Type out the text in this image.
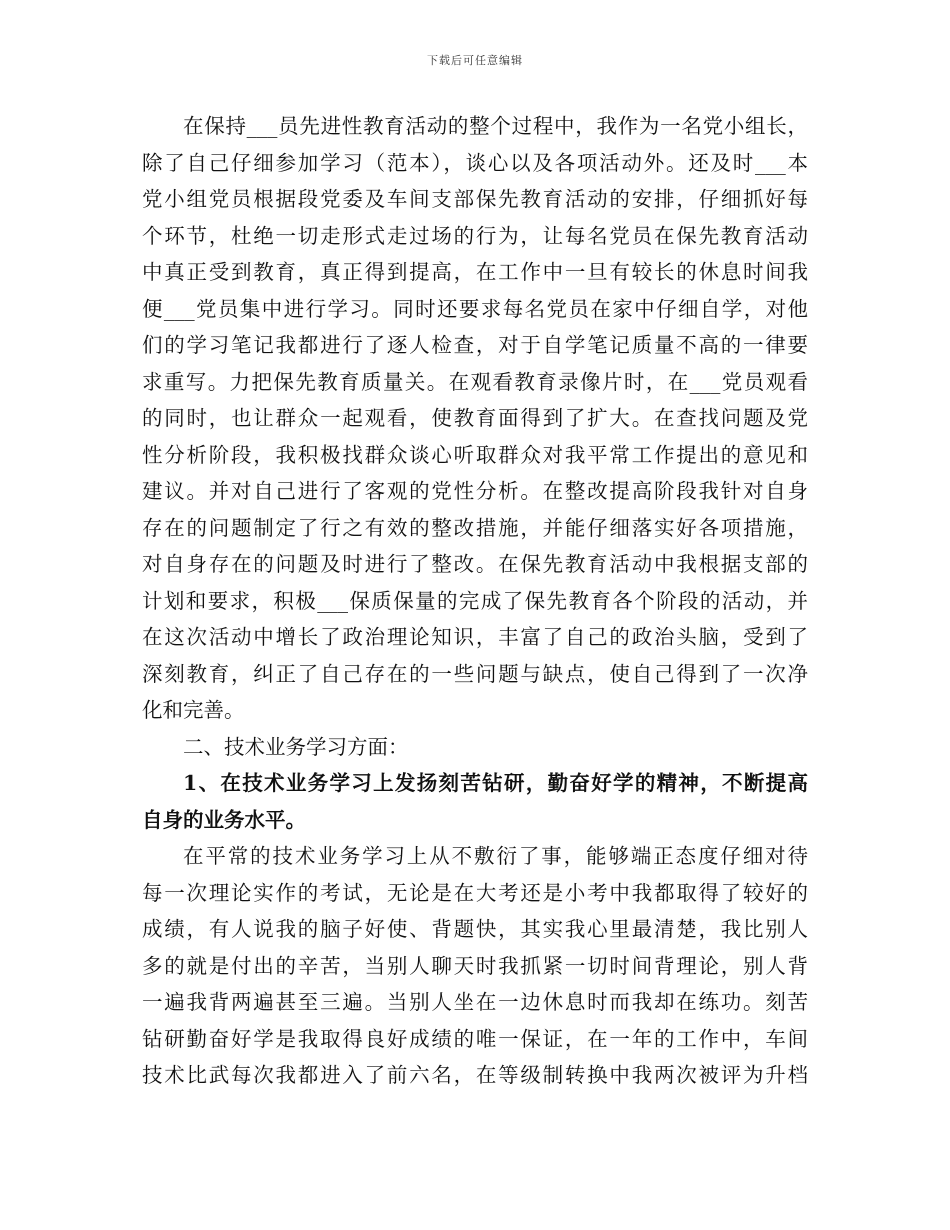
下载后可任意编辑
在保持___员先进性教育活动的整个过程中，我作为一名党小组长，
除了自己仔细参加学习（范本），谈心以及各项活动外。还及时___本
党小组党员根据段党委及车间支部保先教育活动的安排，仔细抓好每
个环节，杜绝一切走形式走过场的行为，让每名党员在保先教育活动
中真正受到教育，真正得到提高，在工作中一旦有较长的休息时间我
便___党员集中进行学习。同时还要求每名党员在家中仔细自学，对他
们的学习笔记我都进行了逐人检查，对于自学笔记质量不高的一律要
求重写。力把保先教育质量关。在观看教育录像片时，在___党员观看
的同时，也让群众一起观看，使教育面得到了扩大。在查找问题及党
性分析阶段，我积极找群众谈心听取群众对我平常工作提出的意见和
建议。并对自己进行了客观的党性分析。在整改提高阶段我针对自身
存在的问题制定了行之有效的整改措施，并能仔细落实好各项措施，
对自身存在的问题及时进行了整改。在保先教育活动中我根据支部的
计划和要求，积极___保质保量的完成了保先教育各个阶段的活动，并
在这次活动中增长了政治理论知识，丰富了自己的政治头脑，受到了
深刻教育，纠正了自己存在的一些问题与缺点，使自己得到了一次净
化和完善。
二、技术业务学习方面：
1、在技术业务学习上发扬刻苦钻研，勤奋好学的精神，不断提高
自身的业务水平。
在平常的技术业务学习上从不敷衍了事，能够端正态度仔细对待
每一次理论实作的考试，无论是在大考还是小考中我都取得了较好的
成绩，有人说我的脑子好使、背题快，其实我心里最清楚，我比别人
多的就是付出的辛苦，当别人聊天时我抓紧一切时间背理论，别人背
一遍我背两遍甚至三遍。当别人坐在一边休息时而我却在练功。刻苦
钻研勤奋好学是我取得良好成绩的唯一保证，在一年的工作中，车间
技术比武每次我都进入了前六名，在等级制转换中我两次被评为升档
